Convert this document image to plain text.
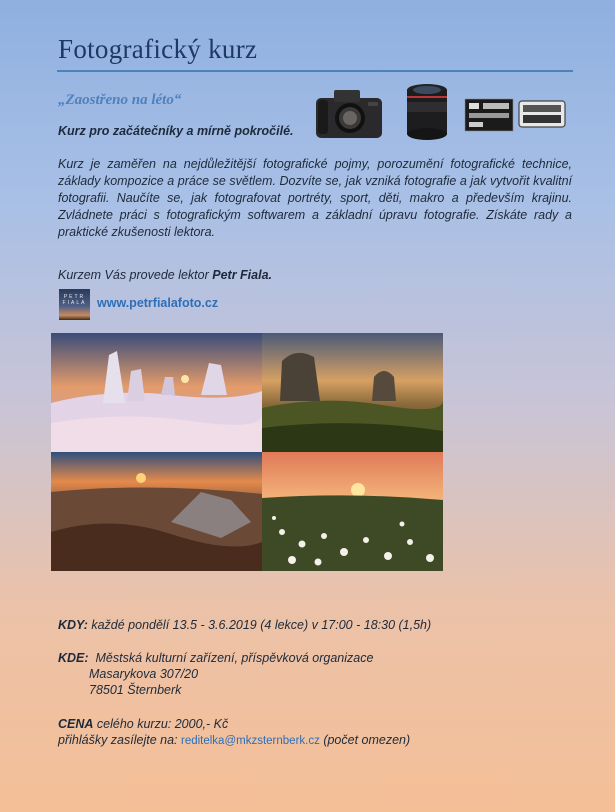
Fotografický kurz
„Zaostřeno na léto“
Kurz pro začátečníky a mírně pokročilé.
Kurz je zaměřen na nejdůležitější fotografické pojmy, porozumění fotografické technice, základy kompozice a práce se světlem. Dozvíte se, jak vzniká fotografie a jak vytvořit kvalitní fotografii. Naučíte se, jak fotografovat portréty, sport, děti, makro a především krajinu. Zvládnete práci s fotografickým softwarem a základní úpravu fotografie. Získáte rady a praktické zkušenosti lektora.
Kurzem Vás provede lektor Petr Fiala.
PETR FIALA www.petrfialafoto.cz
KDY: každé pondělí 13.5 - 3.6.2019 (4 lekce) v 17:00 - 18:30 (1,5h)
KDE: Městská kulturní zařízení, příspěvková organizace
Masarykova 307/20
78501 Šternberk
CENA celého kurzu: 2000,- Kč
přihlášky zasílejte na: reditelka@mkzsternberk.cz (počet omezen)
